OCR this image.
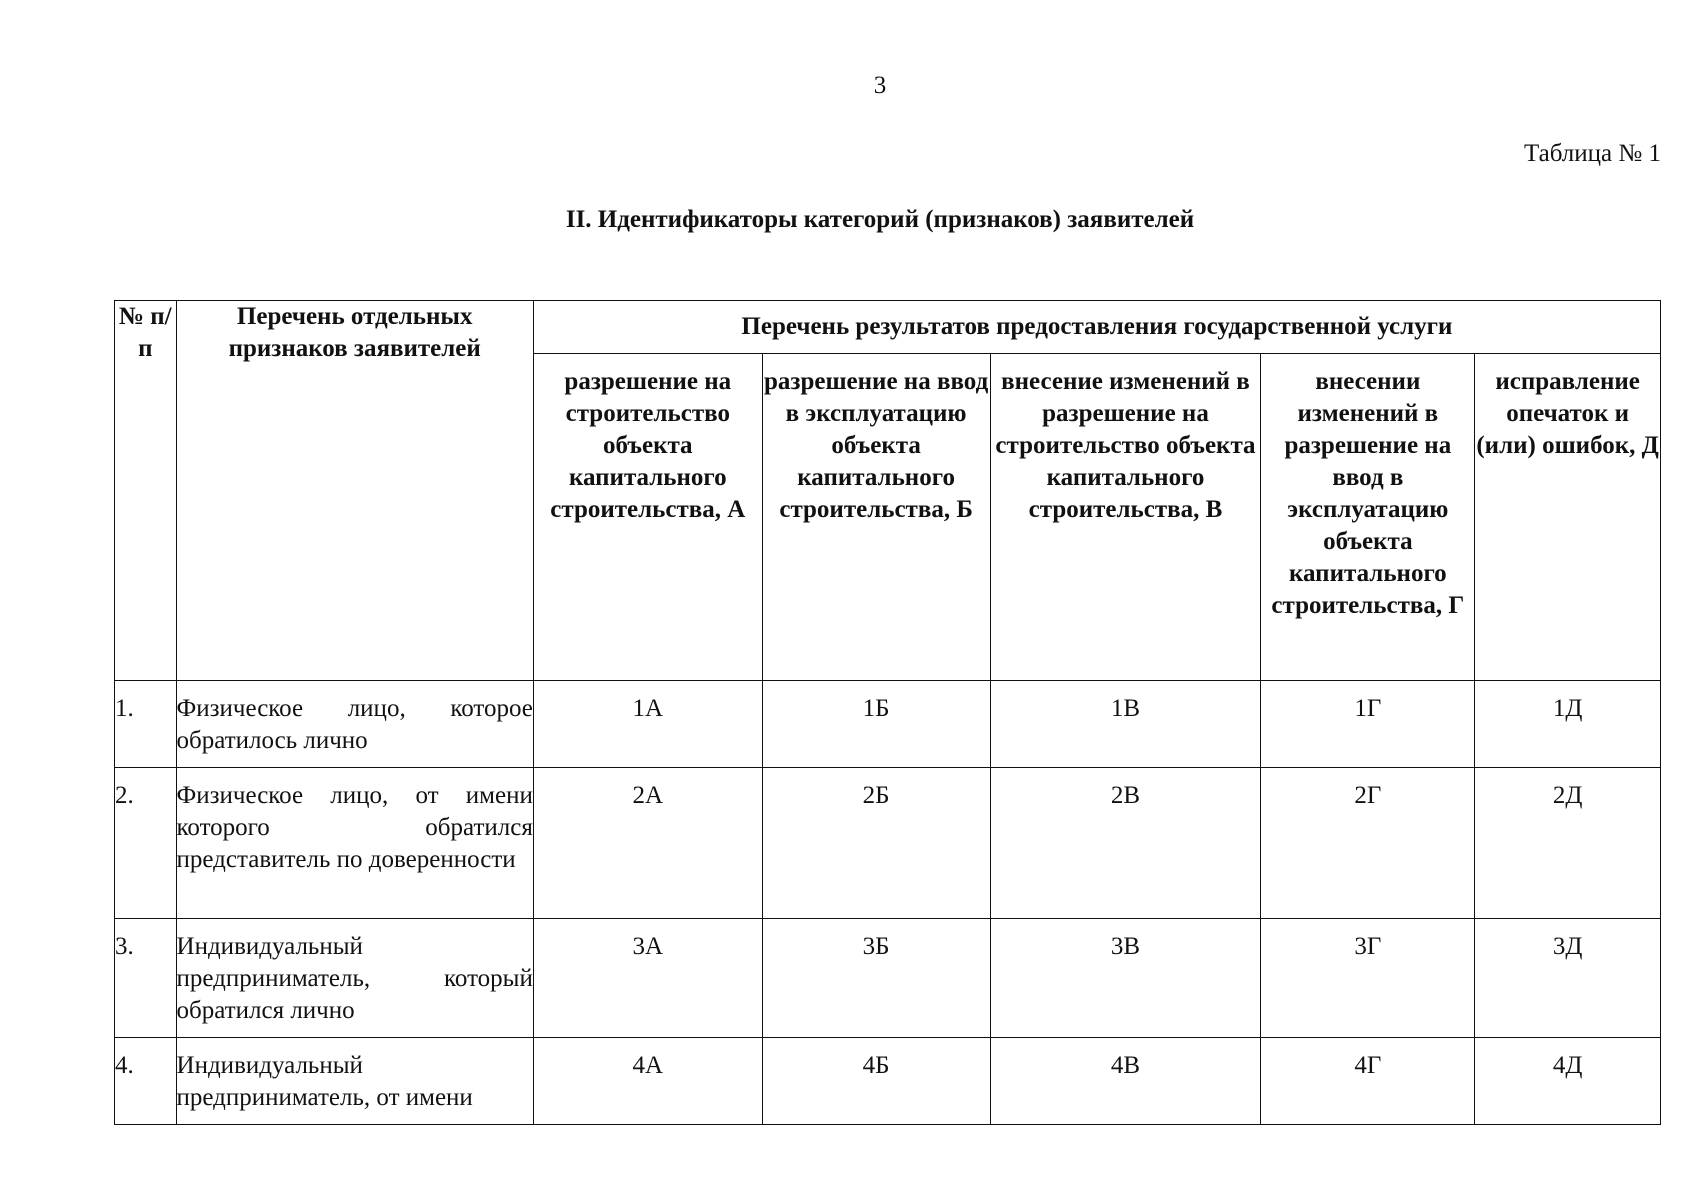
3
Таблица № 1
II. Идентификаторы категорий (признаков) заявителей
№ п/п	Перечень отдельных признаков заявителей	Перечень результатов предоставления государственной услуги				
		разрешение на строительство объекта капитального строительства, А	разрешение на ввод в эксплуатацию объекта капитального строительства, Б	внесение изменений в разрешение на строительство объекта капитального строительства, В	внесении изменений в разрешение на ввод в эксплуатацию объекта капитального строительства, Г	исправление опечаток и (или) ошибок, Д
1.	Физическое лицо, которое обратилось лично	1А	1Б	1В	1Г	1Д
2.	Физическое лицо, от имени которого обратился представитель по доверенности	2А	2Б	2В	2Г	2Д
3.	Индивидуальный предприниматель, который обратился лично	3А	3Б	3В	3Г	3Д
4.	Индивидуальный предприниматель, от имени	4А	4Б	4В	4Г	4Д
